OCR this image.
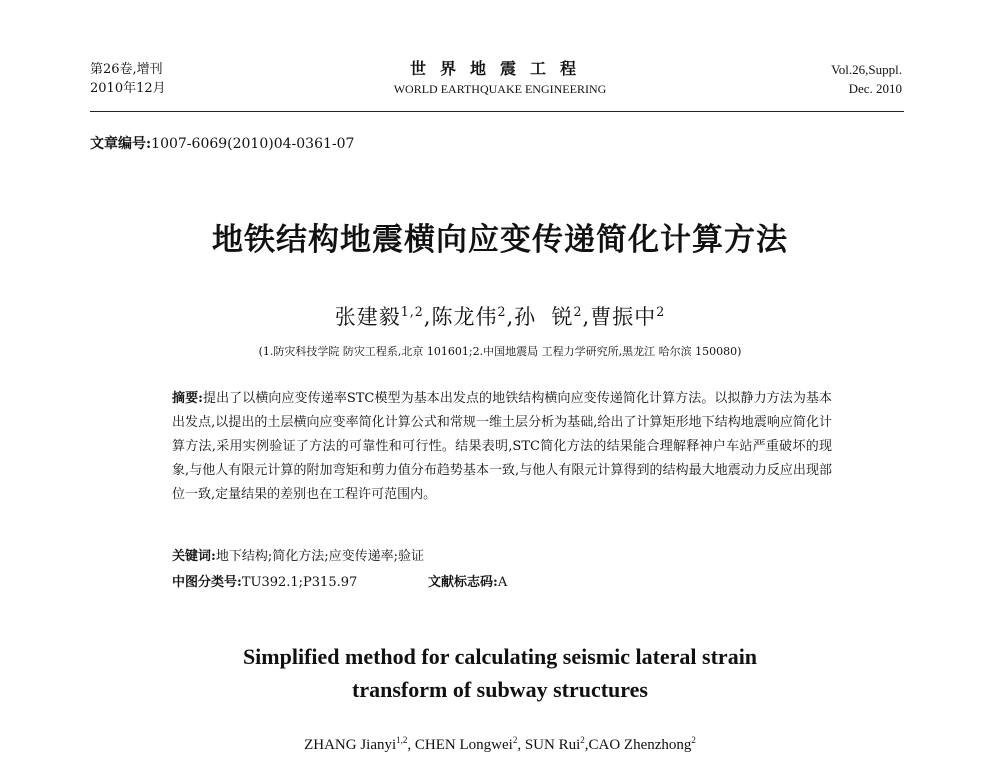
第26卷,增刊
2010年12月
世界地震工程
WORLD EARTHQUAKE ENGINEERING
Vol.26,Suppl.
Dec. 2010
文章编号:1007-6069(2010)04-0361-07
地铁结构地震横向应变传递简化计算方法
张建毅$^{1,2}$,陈龙伟$^2$,孙  锐$^2$,曹振中$^2$
(1.防灾科技学院 防灾工程系,北京 101601;2.中国地震局 工程力学研究所,黑龙江 哈尔滨 150080)
摘要:提出了以横向应变传递率STC模型为基本出发点的地铁结构横向应变传递简化计算方法。以拟静力方法为基本出发点,以提出的土层横向应变率简化计算公式和常规一维土层分析为基础,给出了计算矩形地下结构地震响应简化计算方法,采用实例验证了方法的可靠性和可行性。结果表明,STC简化方法的结果能合理解释神户车站严重破坏的现象,与他人有限元计算的附加弯矩和剪力值分布趋势基本一致,与他人有限元计算得到的结构最大地震动力反应出现部位一致,定量结果的差别也在工程许可范围内。
关键词:地下结构;简化方法;应变传递率;验证
中图分类号:TU392.1;P315.97	文献标志码:A
Simplified method for calculating seismic lateral strain
transform of subway structures
ZHANG Jianyi$^{1,2}$, CHEN Longwei$^2$, SUN Rui$^2$,CAO Zhenzhong$^2$
